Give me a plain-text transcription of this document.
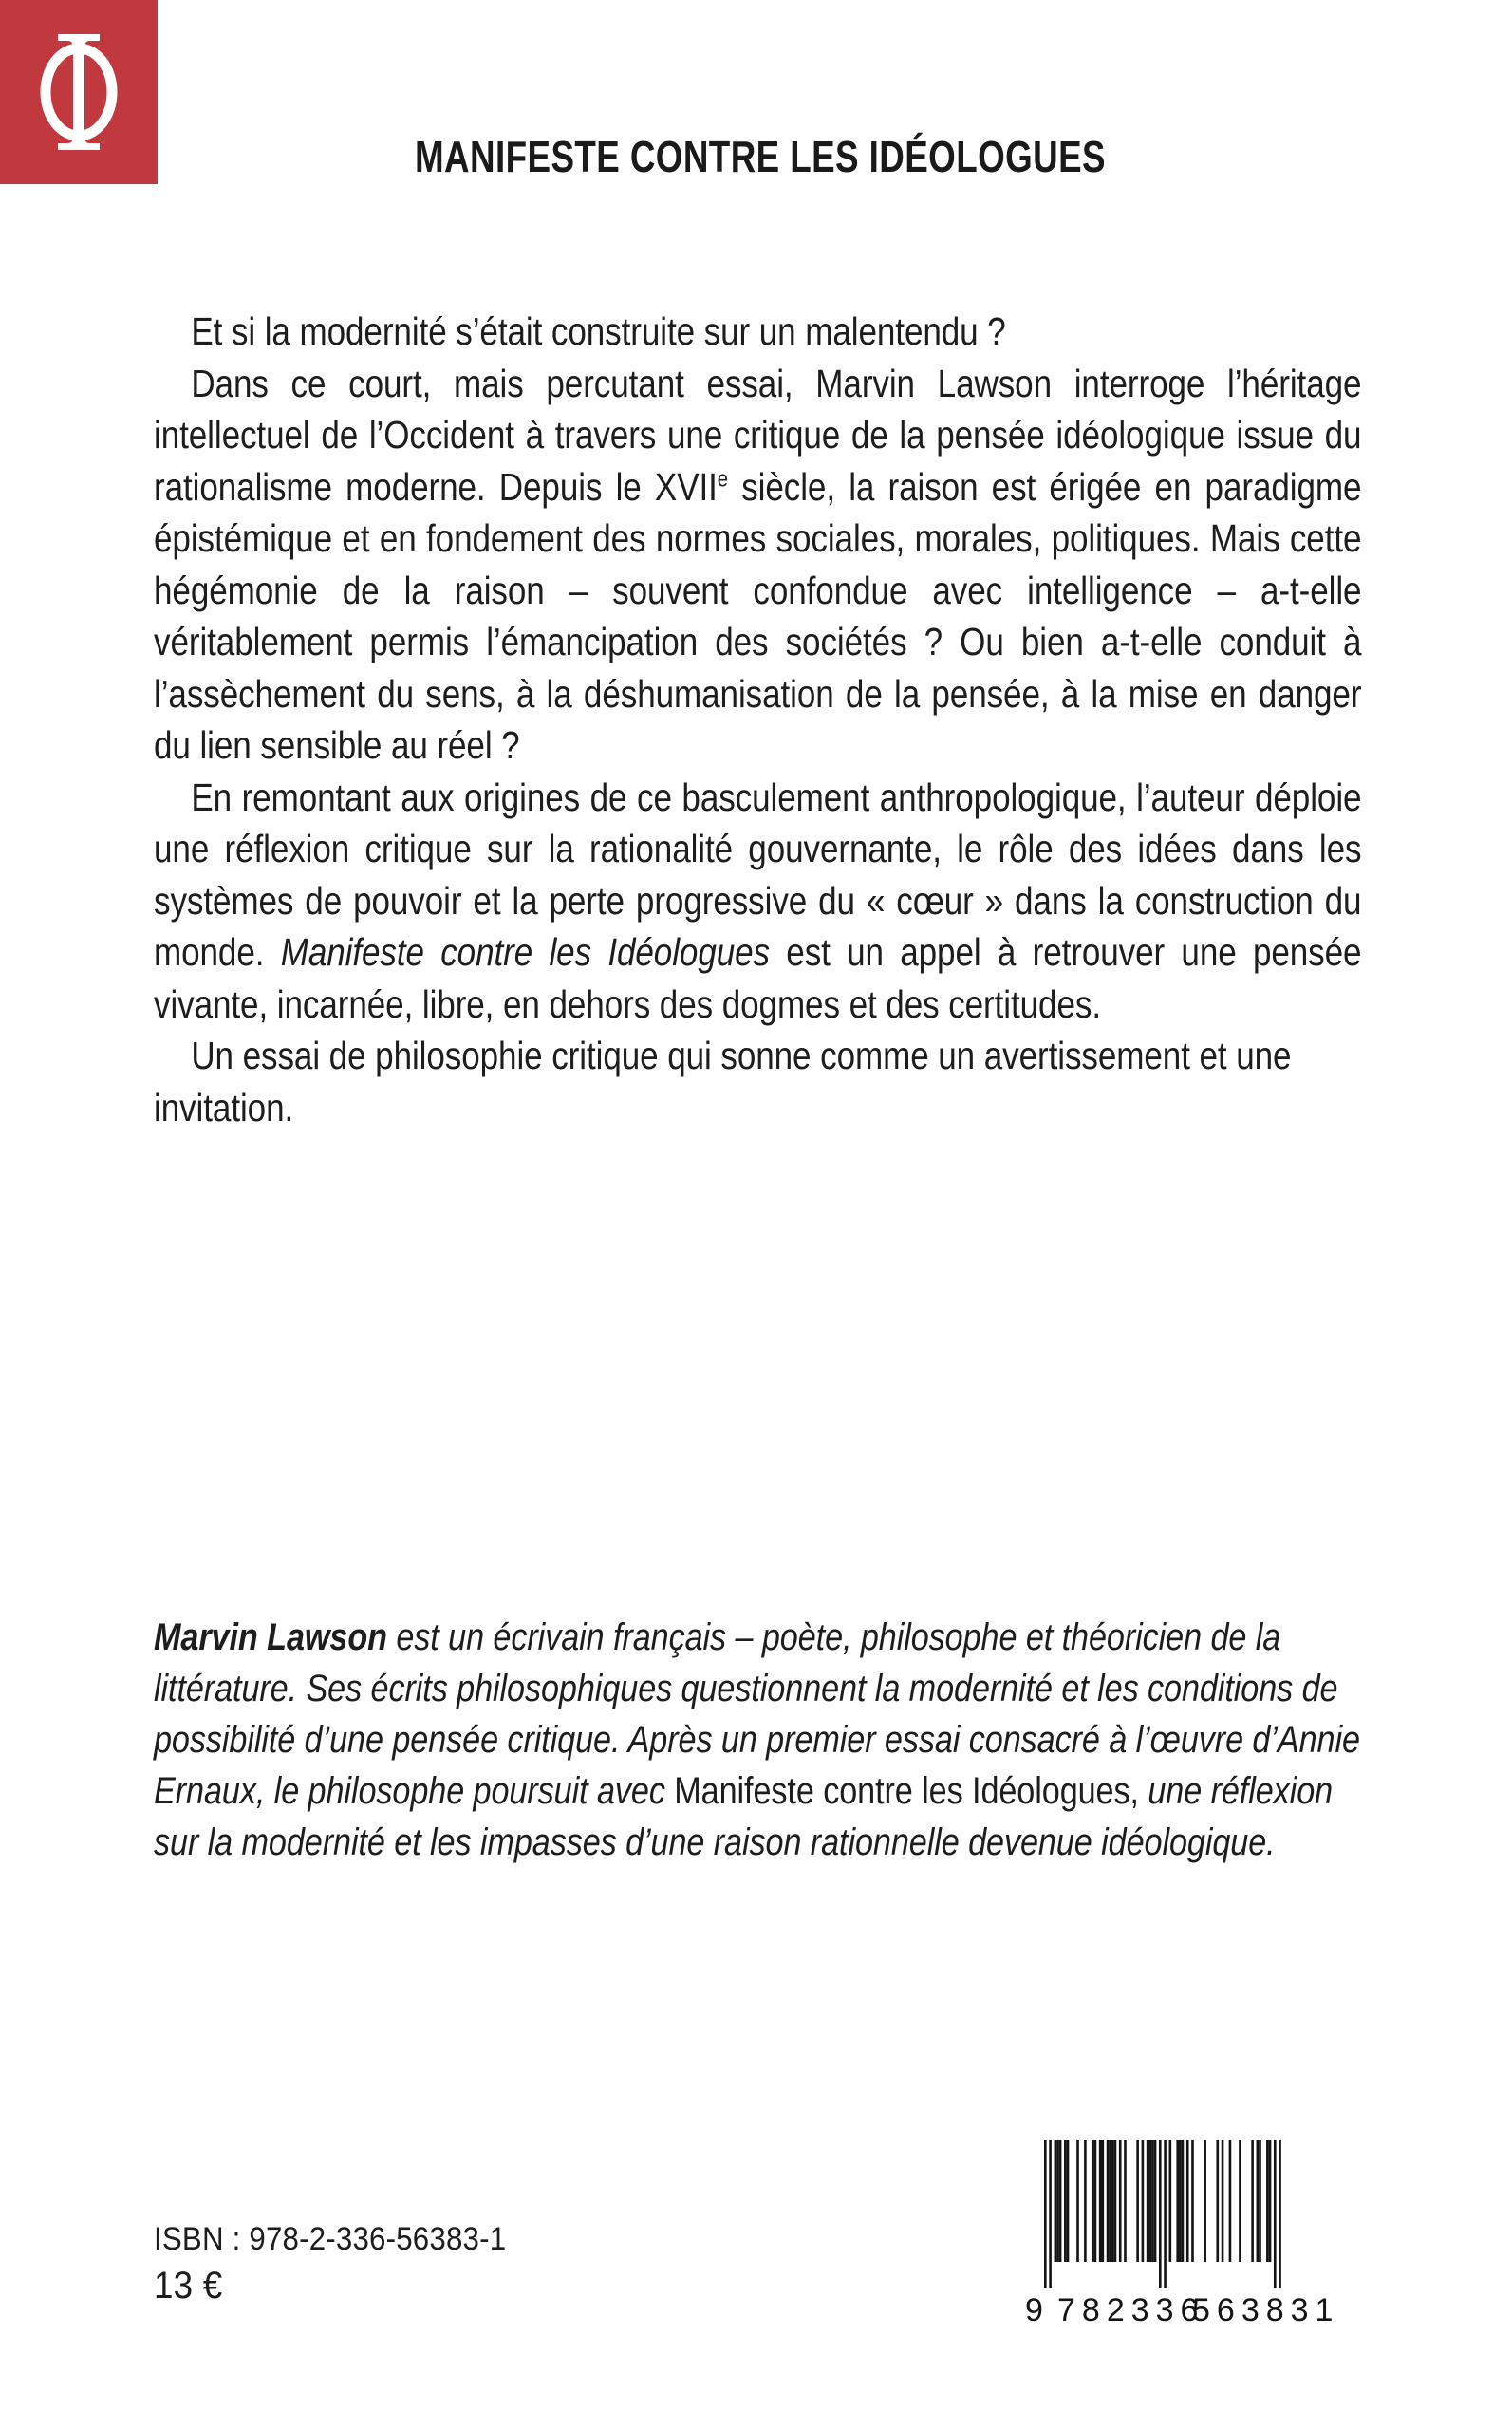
MANIFESTE CONTRE LES IDÉOLOGUES

Et si la modernité s’était construite sur un malentendu ?

Dans ce court, mais percutant essai, Marvin Lawson interroge l’héritage intellectuel de l’Occident à travers une critique de la pensée idéologique issue du rationalisme moderne. Depuis le XVIIe siècle, la raison est érigée en paradigme épistémique et en fondement des normes sociales, morales, politiques. Mais cette hégémonie de la raison – souvent confondue avec intelligence – a-t-elle véritablement permis l’émancipation des sociétés ? Ou bien a-t-elle conduit à l’assèchement du sens, à la déshumanisation de la pensée, à la mise en danger du lien sensible au réel ?

En remontant aux origines de ce basculement anthropologique, l’auteur déploie une réflexion critique sur la rationalité gouvernante, le rôle des idées dans les systèmes de pouvoir et la perte progressive du « cœur » dans la construction du monde. Manifeste contre les Idéologues est un appel à retrouver une pensée vivante, incarnée, libre, en dehors des dogmes et des certitudes.

Un essai de philosophie critique qui sonne comme un avertissement et une invitation.

Marvin Lawson est un écrivain français – poète, philosophe et théoricien de la littérature. Ses écrits philosophiques questionnent la modernité et les conditions de possibilité d’une pensée critique. Après un premier essai consacré à l’œuvre d’Annie Ernaux, le philosophe poursuit avec Manifeste contre les Idéologues, une réflexion sur la modernité et les impasses d’une raison rationnelle devenue idéologique.

ISBN : 978-2-336-56383-1
13 €
9 782336
563831
